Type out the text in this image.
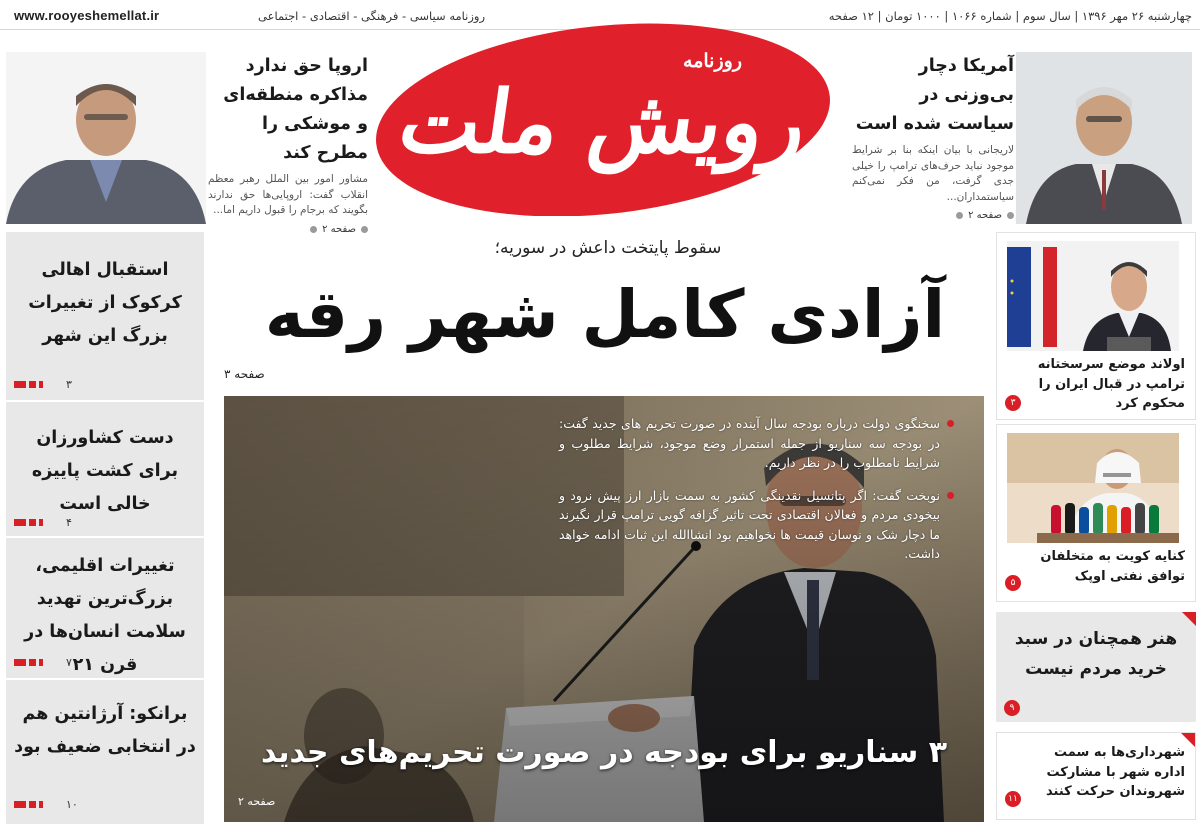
چهارشنبه ۲۶ مهر ۱۳۹۶ | سال سوم | شماره ۱۰۶۶ | ۱۰۰۰ تومان | ۱۲ صفحه
روزنامه سیاسی - فرهنگی - اقتصادی - اجتماعی
www.rooyeshemellat.ir
روزنامه
رویش ملت
آمریکا دچار بی‌وزنی در سیاست شده است
لاریجانی با بیان اینکه بنا بر شرایط موجود نباید حرف‌های ترامپ را خیلی جدی گرفت، من فکر نمی‌کنم سیاستمداران...
صفحه ۲
اروپا حق ندارد مذاکره منطقه‌ای و موشکی را مطرح کند
مشاور امور بین الملل رهبر معظم انقلاب گفت: اروپایی‌ها حق ندارند بگویند که برجام را قبول داریم اما...
صفحه ۲
سقوط پایتخت داعش در سوریه؛
آزادی کامل شهر رقه
صفحه ۳

سخنگوی دولت درباره بودجه سال آینده در صورت تحریم های جدید گفت: در بودجه سه سناریو از جمله استمرار وضع موجود، شرایط مطلوب و شرایط نامطلوب را در نظر داریم.

نوبخت گفت: اگر پتانسیل نقدینگی کشور به سمت بازار ارز پیش نرود و بیخودی مردم و فعالان اقتصادی تحت تاثیر گزافه گویی ترامپ قرار نگیرند ما دچار شک و نوسان قیمت ها نخواهیم بود انشاالله این ثبات ادامه خواهد داشت.

۳ سناریو برای بودجه در صورت تحریم‌های جدید
صفحه ۲
استقبال اهالی کرکوک از تغییرات بزرگ این شهر
۳
دست کشاورزان برای کشت پاییزه خالی است
۴
تغییرات اقلیمی، بزرگ‌ترین تهدید سلامت انسان‌ها در قرن ۲۱
۷
برانکو: آرژانتین هم در انتخابی ضعیف بود
۱۰
اولاند موضع سرسختانه ترامپ در قبال ایران را محکوم کرد
۳
کنایه کویت به متخلفان توافق نفتی اوپک
۵
هنر همچنان در سبد خرید مردم نیست
۹
شهرداری‌ها به سمت اداره شهر با مشارکت شهروندان حرکت کنند
۱۱
